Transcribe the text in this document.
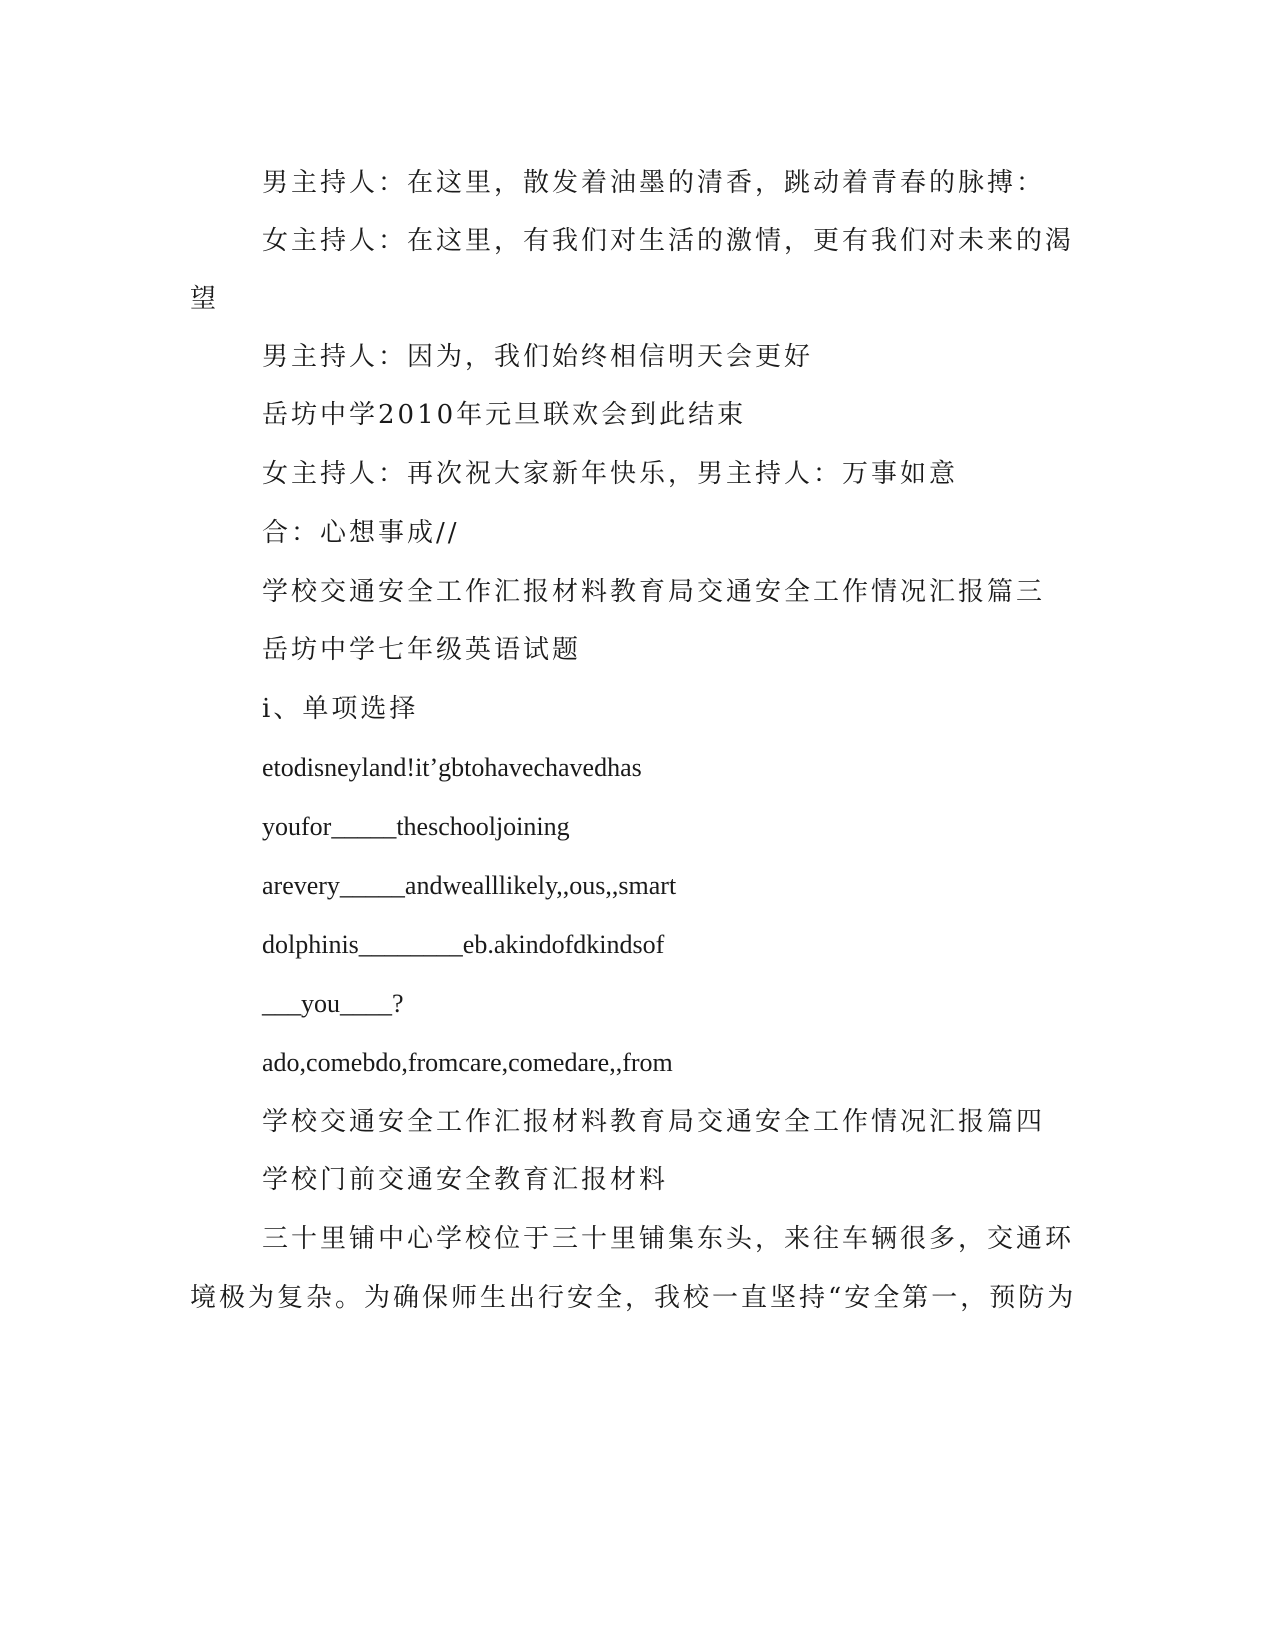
男主持人：在这里，散发着油墨的清香，跳动着青春的脉搏：

女主持人：在这里，有我们对生活的激情，更有我们对未来的渴

望

男主持人：因为，我们始终相信明天会更好

岳坊中学2010年元旦联欢会到此结束

女主持人：再次祝大家新年快乐，男主持人：万事如意

合：心想事成//

学校交通安全工作汇报材料教育局交通安全工作情况汇报篇三

岳坊中学七年级英语试题

i、单项选择

etodisneyland!it’gbtohavechavedhas

youfor_____theschooljoining

arevery_____andwealllikely,,ous,,smart

dolphinis________eb.akindofdkindsof

___you____?

ado,comebdo,fromcare,comedare,,from

学校交通安全工作汇报材料教育局交通安全工作情况汇报篇四

学校门前交通安全教育汇报材料

三十里铺中心学校位于三十里铺集东头，来往车辆很多，交通环

境极为复杂。为确保师生出行安全，我校一直坚持“安全第一，预防为
